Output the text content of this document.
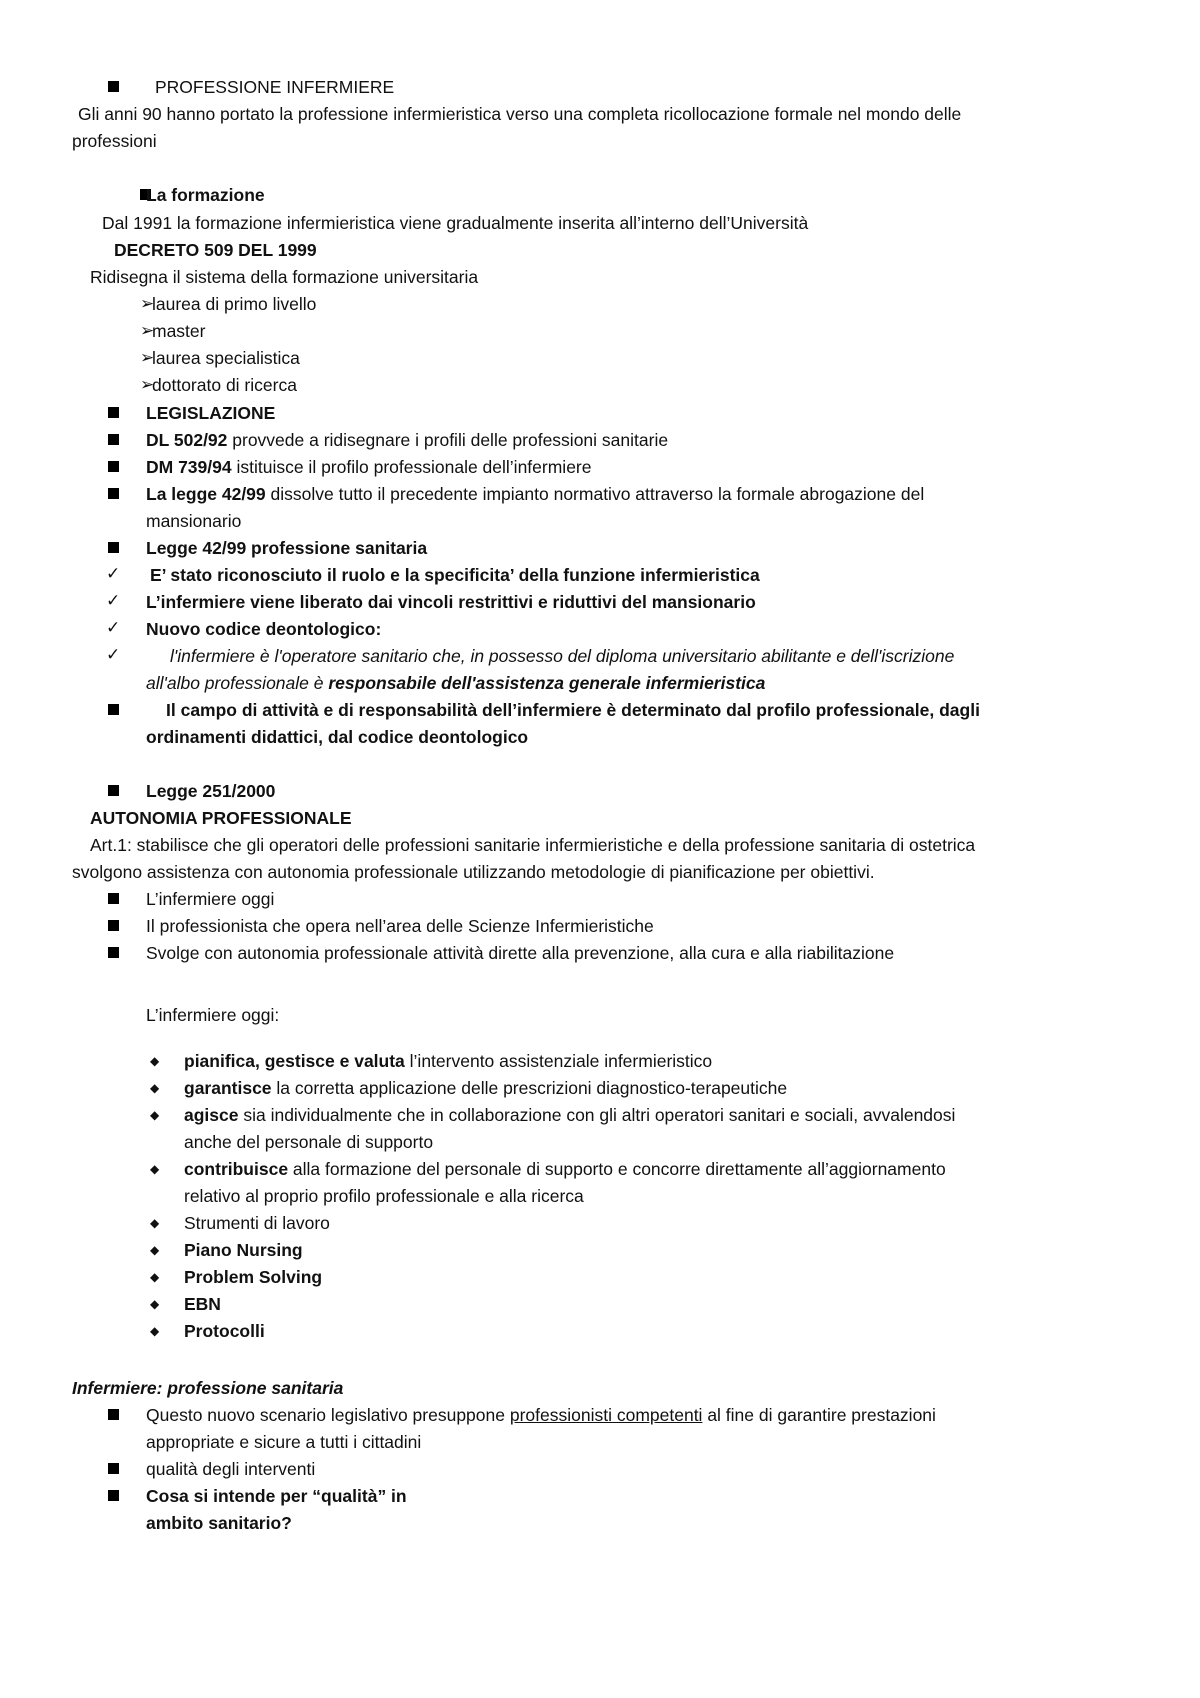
PROFESSIONE INFERMIERE
Gli anni 90 hanno portato la professione infermieristica verso una completa ricollocazione formale nel mondo delle
professioni
La formazione
Dal 1991 la formazione infermieristica viene gradualmente inserita all’interno dell’Università
DECRETO 509 DEL 1999
Ridisegna il sistema della formazione universitaria
➢
laurea di primo livello
➢
master
➢
laurea specialistica
➢
dottorato di ricerca
LEGISLAZIONE
DL 502/92 provvede a ridisegnare i profili delle professioni sanitarie
DM 739/94 istituisce il profilo professionale dell’infermiere
La legge 42/99 dissolve tutto il precedente impianto normativo attraverso la formale abrogazione del
mansionario
Legge 42/99 professione sanitaria
✓ E’ stato riconosciuto il ruolo e la specificita’ della funzione infermieristica
✓ L’infermiere viene liberato dai vincoli restrittivi e riduttivi del mansionario
✓ Nuovo codice deontologico:
✓	l'infermiere è l'operatore sanitario che, in possesso del diploma universitario abilitante e dell'iscrizione
all'albo professionale è responsabile dell'assistenza generale infermieristica
Il campo di attività e di responsabilità dell’infermiere è determinato dal profilo professionale, dagli
ordinamenti didattici, dal codice deontologico
Legge 251/2000
AUTONOMIA PROFESSIONALE
Art.1: stabilisce che gli operatori delle professioni sanitarie infermieristiche e della professione sanitaria di ostetrica
svolgono assistenza con autonomia professionale utilizzando metodologie di pianificazione per obiettivi.
L’infermiere oggi
Il professionista che opera nell’area delle Scienze Infermieristiche
Svolge con autonomia professionale attività dirette alla prevenzione, alla cura e alla riabilitazione
L’infermiere oggi:
◆ pianifica, gestisce e valuta l’intervento assistenziale infermieristico
◆ garantisce la corretta applicazione delle prescrizioni diagnostico-terapeutiche
◆ agisce sia individualmente che in collaborazione con gli altri operatori sanitari e sociali, avvalendosi
anche del personale di supporto
◆ contribuisce alla formazione del personale di supporto e concorre direttamente all’aggiornamento
relativo al proprio profilo professionale e alla ricerca
◆ Strumenti di lavoro
◆ Piano Nursing
◆ Problem Solving
◆ EBN
◆ Protocolli
Infermiere: professione sanitaria
Questo nuovo scenario legislativo presuppone professionisti competenti al fine di garantire prestazioni
appropriate e sicure a tutti i cittadini
qualità degli interventi
Cosa si intende per “qualità” in
ambito sanitario?
